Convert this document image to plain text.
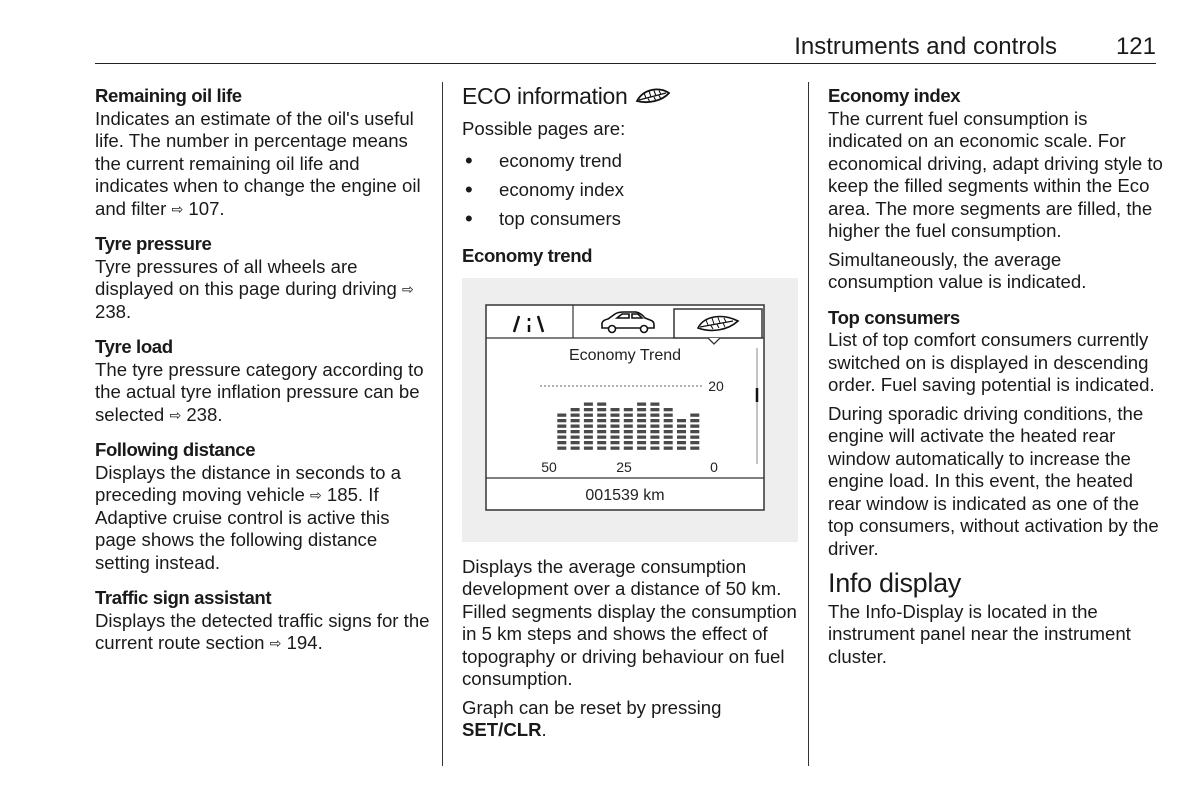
Instruments and controls 121
Remaining oil life
Indicates an estimate of the oil's useful life. The number in percentage means the current remaining oil life and indicates when to change the engine oil and filter ⇨ 107.
Tyre pressure
Tyre pressures of all wheels are displayed on this page during driving ⇨ 238.
Tyre load
The tyre pressure category according to the actual tyre inflation pressure can be selected ⇨ 238.
Following distance
Displays the distance in seconds to a preceding moving vehicle ⇨ 185. If Adaptive cruise control is active this page shows the following distance setting instead.
Traffic sign assistant
Displays the detected traffic signs for the current route section ⇨ 194.
ECO information

Possible pages are:

• economy trend
• economy index
• top consumers
Economy trend
Economy Trend
20
50	25	0
001539 km

Displays the average consumption development over a distance of 50 km. Filled segments display the consumption in 5 km steps and shows the effect of topography or driving behaviour on fuel consumption.

Graph can be reset by pressing
SET/CLR.

Economy index

The current fuel consumption is indicated on an economic scale. For economical driving, adapt driving style to keep the filled segments within the Eco area. The more segments are filled, the higher the fuel consumption.

Simultaneously, the average consumption value is indicated.

Top consumers

List of top comfort consumers currently switched on is displayed in descending order. Fuel saving potential is indicated.

During sporadic driving conditions, the engine will activate the heated rear window automatically to increase the engine load. In this event, the heated rear window is indicated as one of the top consumers, without activation by the driver.

Info display

The Info-Display is located in the instrument panel near the instrument cluster.
